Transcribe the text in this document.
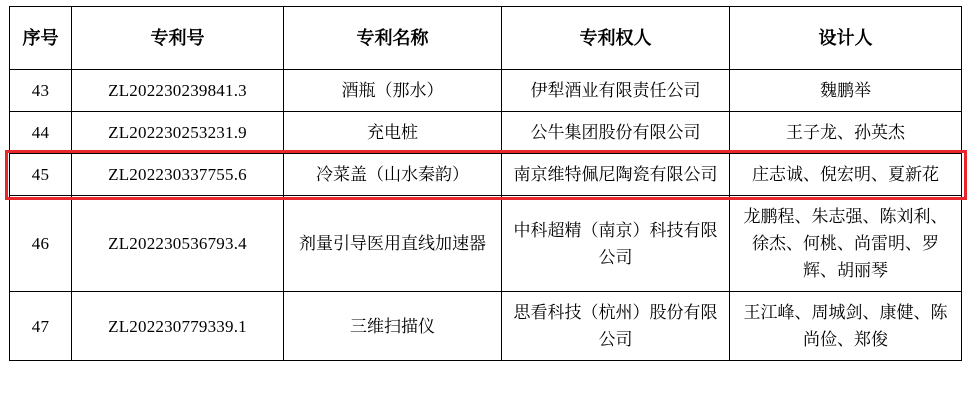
序号	专利号	专利名称	专利权人	设计人
43	ZL202230239841.3	酒瓶（那水）	伊犁酒业有限责任公司	魏鹏举
44	ZL202230253231.9	充电桩	公牛集团股份有限公司	王子龙、孙英杰
45	ZL202230337755.6	冷菜盖（山水秦韵）	南京维特佩尼陶瓷有限公司	庄志诚、倪宏明、夏新花
46	ZL202230536793.4	剂量引导医用直线加速器	中科超精（南京）科技有限公司	龙鹏程、朱志强、陈刘利、徐杰、何桃、尚雷明、罗辉、胡丽琴
47	ZL202230779339.1	三维扫描仪	思看科技（杭州）股份有限公司	王江峰、周城剑、康健、陈尚俭、郑俊
